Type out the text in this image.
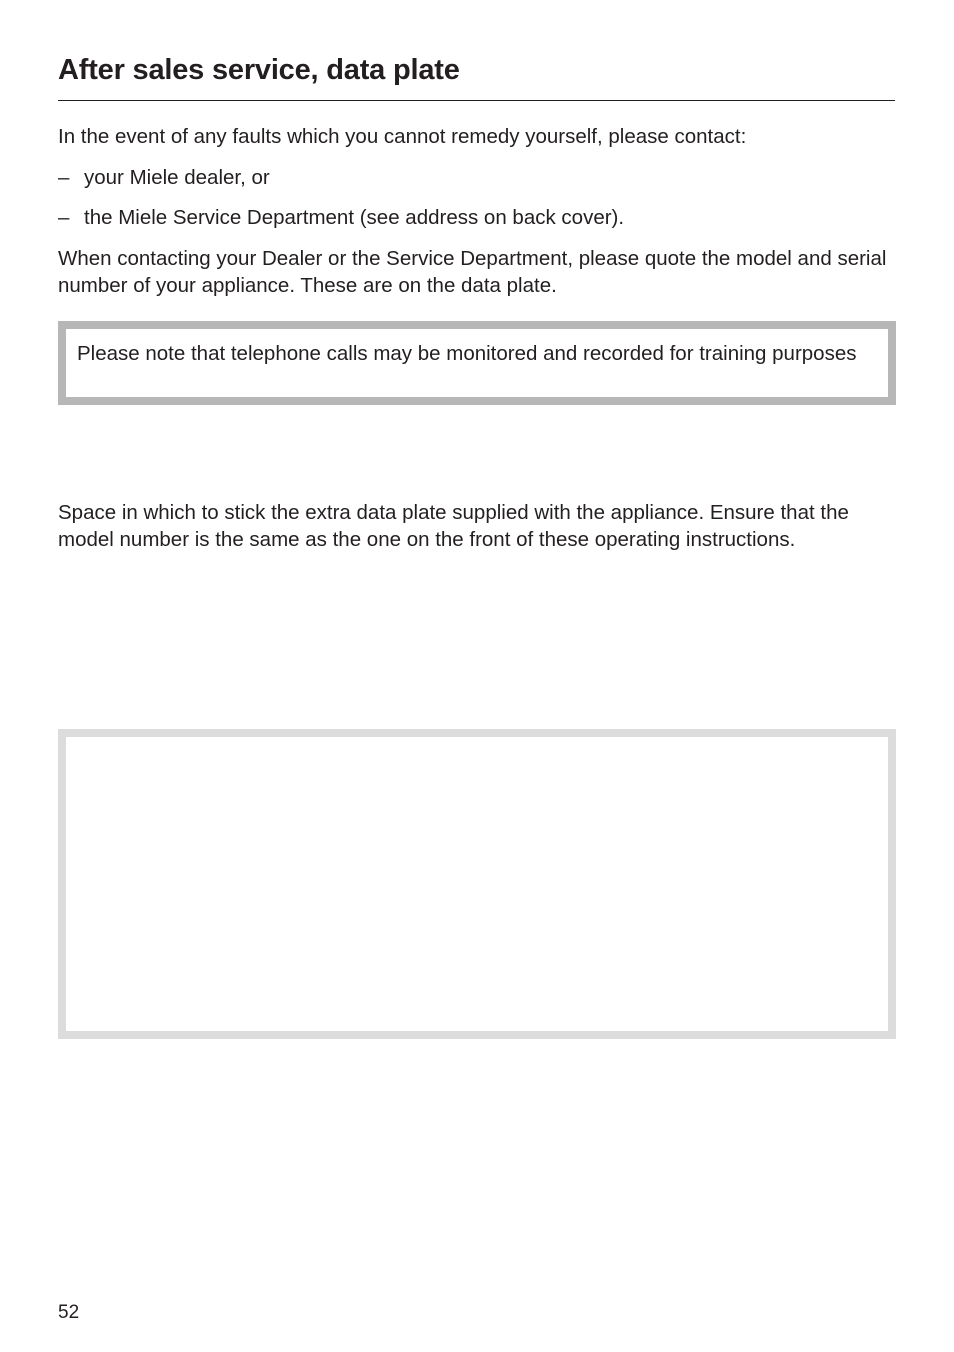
After sales service, data plate

In the event of any faults which you cannot remedy yourself, please contact:

– your Miele dealer, or

– the Miele Service Department (see address on back cover).

When contacting your Dealer or the Service Department, please quote the model and serial number of your appliance. These are on the data plate.

Please note that telephone calls may be monitored and recorded for training purposes

Space in which to stick the extra data plate supplied with the appliance. Ensure that the model number is the same as the one on the front of these operating instructions.

52
